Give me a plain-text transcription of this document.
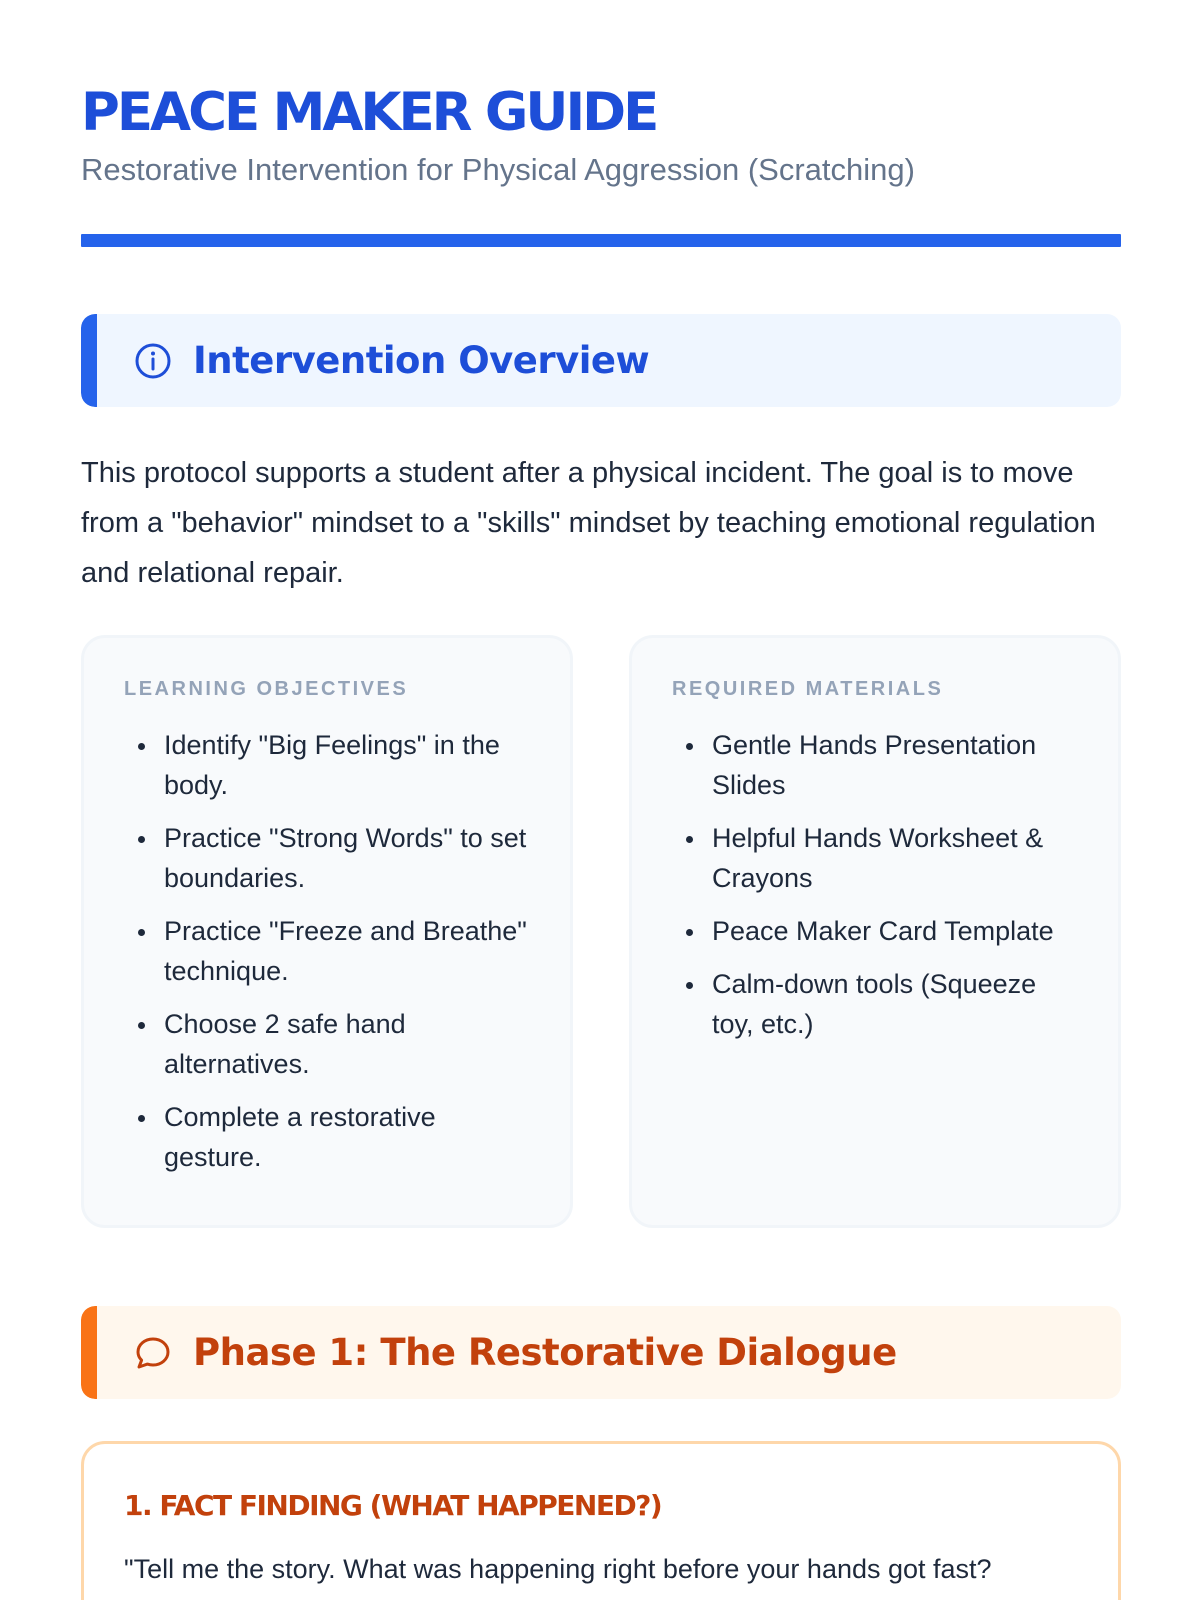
PEACE MAKER GUIDE
Restorative Intervention for Physical Aggression (Scratching)
Intervention Overview

This protocol supports a student after a physical incident. The goal is to move from a "behavior" mindset to a "skills" mindset by teaching emotional regulation and relational repair.

LEARNING OBJECTIVES
Identify "Big Feelings" in the body.
Practice "Strong Words" to set boundaries.
Practice "Freeze and Breathe" technique.
Choose 2 safe hand alternatives.
Complete a restorative gesture.
REQUIRED MATERIALS
Gentle Hands Presentation Slides
Helpful Hands Worksheet & Crayons
Peace Maker Card Template
Calm-down tools (Squeeze toy, etc.)
Phase 1: The Restorative Dialogue
1. FACT FINDING (WHAT HAPPENED?)

"Tell me the story. What was happening right before your hands got fast?
